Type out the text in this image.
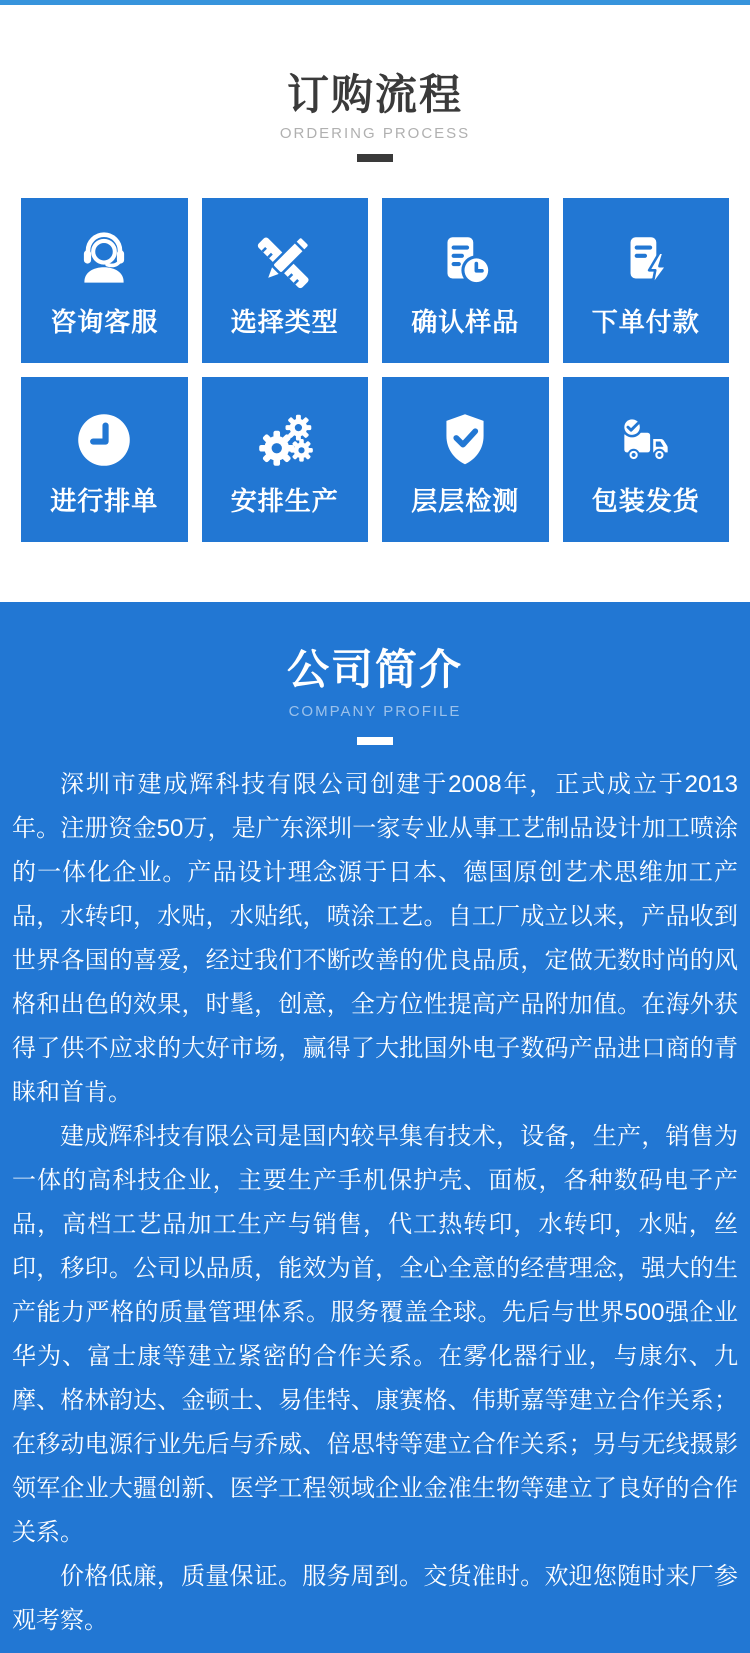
订购流程
ORDERING PROCESS
咨询客服	选择类型	确认样品	下单付款
进行排单	安排生产	层层检测	包装发货
公司简介
COMPANY PROFILE

深圳市建成辉科技有限公司创建于2008年，正式成立于2013年。注册资金50万，是广东深圳一家专业从事工艺制品设计加工喷涂的一体化企业。产品设计理念源于日本、德国原创艺术思维加工产品，水转印，水贴，水贴纸，喷涂工艺。自工厂成立以来，产品收到世界各国的喜爱，经过我们不断改善的优良品质，定做无数时尚的风格和出色的效果，时髦，创意，全方位性提高产品附加值。在海外获得了供不应求的大好市场，赢得了大批国外电子数码产品进口商的青睐和首肯。

建成辉科技有限公司是国内较早集有技术，设备，生产，销售为一体的高科技企业，主要生产手机保护壳、面板，各种数码电子产品，高档工艺品加工生产与销售，代工热转印，水转印，水贴，丝印，移印。公司以品质，能效为首，全心全意的经营理念，强大的生产能力严格的质量管理体系。服务覆盖全球。先后与世界500强企业华为、富士康等建立紧密的合作关系。在雾化器行业，与康尔、九摩、格林韵达、金顿士、易佳特、康赛格、伟斯嘉等建立合作关系；在移动电源行业先后与乔威、倍思特等建立合作关系；另与无线摄影领军企业大疆创新、医学工程领域企业金准生物等建立了良好的合作关系。

价格低廉，质量保证。服务周到。交货准时。欢迎您随时来厂参观考察。
